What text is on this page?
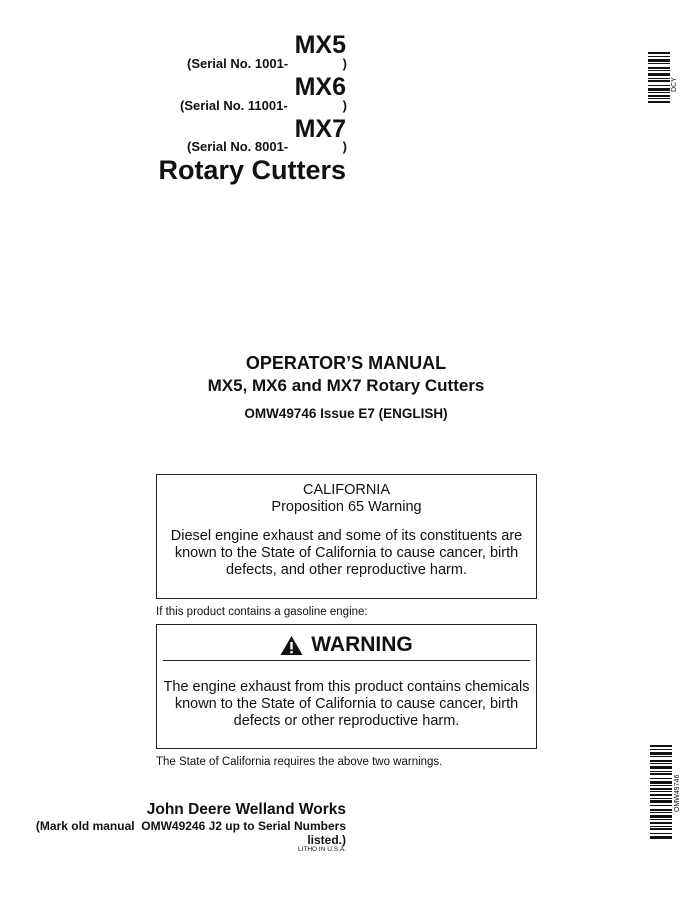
MX5
(Serial No. 1001-	)
MX6
(Serial No. 11001-	)
MX7
(Serial No. 8001-	)
Rotary Cutters
DCY
OPERATOR’S MANUAL
MX5, MX6 and MX7 Rotary Cutters
OMW49746 Issue E7 (ENGLISH)
CALIFORNIA
Proposition 65 Warning
Diesel engine exhaust and some of its constituents are
known to the State of California to cause cancer, birth
defects, and other reproductive harm.
If this product contains a gasoline engine:
WARNING
The engine exhaust from this product contains chemicals
known to the State of California to cause cancer, birth
defects or other reproductive harm.
The State of California requires the above two warnings.
John Deere Welland Works
(Mark old manual  OMW49246 J2 up to Serial Numbers
listed.)
LITHO IN U.S.A.
OMW49746
